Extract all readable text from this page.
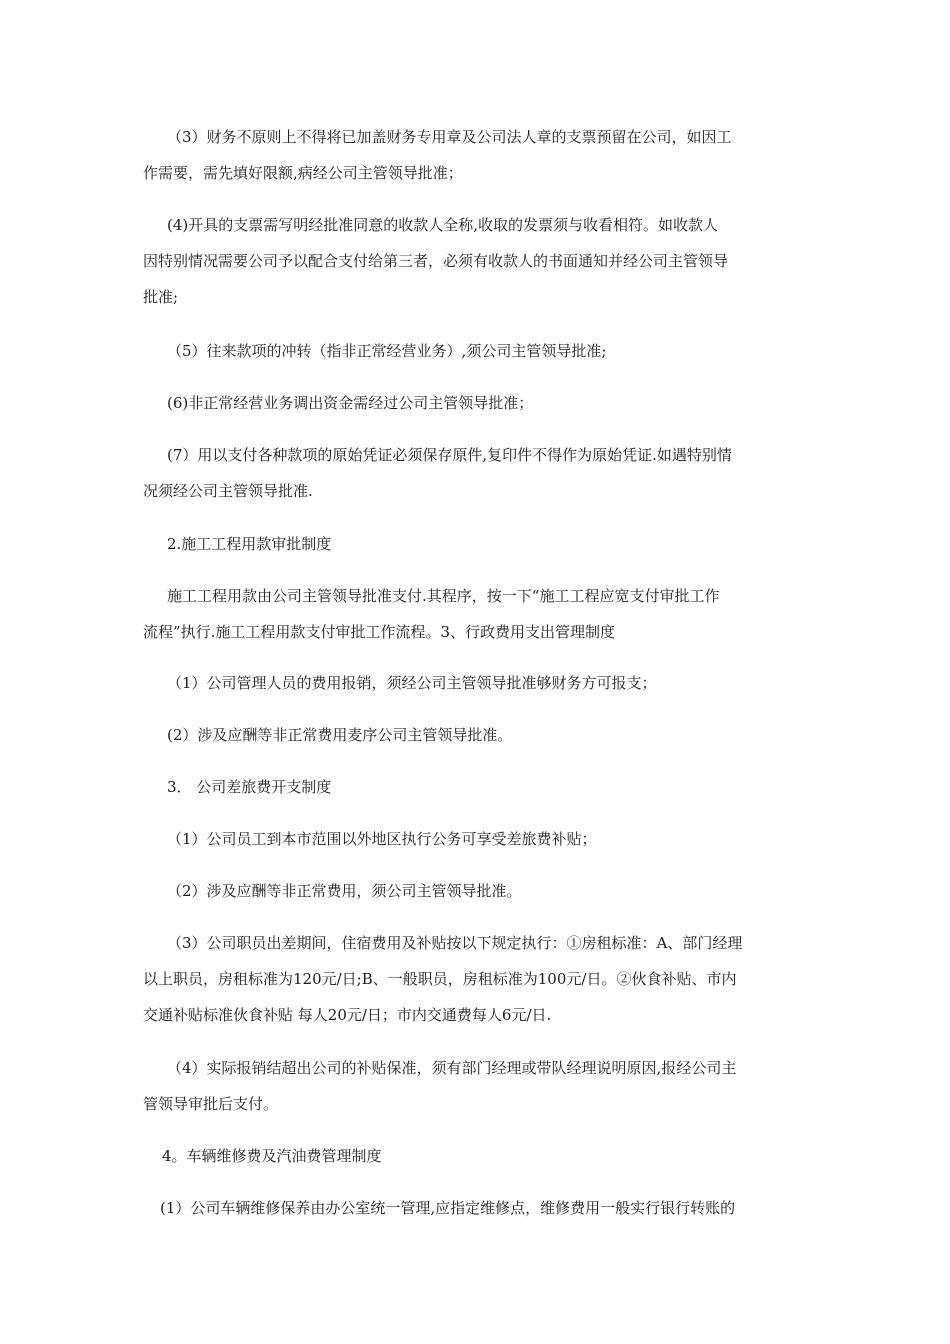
（3）财务不原则上不得将已加盖财务专用章及公司法人章的支票预留在公司，如因工
作需要，需先填好限额,病经公司主管领导批准；

(4)开具的支票需写明经批准同意的收款人全称,收取的发票须与收看相符。如收款人
因特别情况需要公司予以配合支付给第三者，必须有收款人的书面通知并经公司主管领导
批准;

（5）往来款项的冲转（指非正常经营业务）,须公司主管领导批准;

(6)非正常经营业务调出资金需经过公司主管领导批准；

(7）用以支付各种款项的原始凭证必须保存原件,复印件不得作为原始凭证.如遇特别情
况须经公司主管领导批准.

2.施工工程用款审批制度

施工工程用款由公司主管领导批准支付.其程序，按一下“施工工程应宽支付审批工作
流程”执行.施工工程用款支付审批工作流程。3、行政费用支出管理制度

（1）公司管理人员的费用报销，须经公司主管领导批准够财务方可报支；

(2）涉及应酬等非正常费用麦序公司主管领导批准。

3． 公司差旅费开支制度

（1）公司员工到本市范围以外地区执行公务可享受差旅费补贴；

（2）涉及应酬等非正常费用，须公司主管领导批准。

（3）公司职员出差期间，住宿费用及补贴按以下规定执行：①房租标准：A、部门经理
以上职员，房租标准为120元/日;B、一般职员，房租标准为100元/日。②伙食补贴、市内
交通补贴标准伙食补贴 每人20元/日；市内交通费每人6元/日.

（4）实际报销结超出公司的补贴保准，须有部门经理或带队经理说明原因,报经公司主
管领导审批后支付。

4。车辆维修费及汽油费管理制度

(1）公司车辆维修保养由办公室统一管理,应指定维修点，维修费用一般实行银行转账的
